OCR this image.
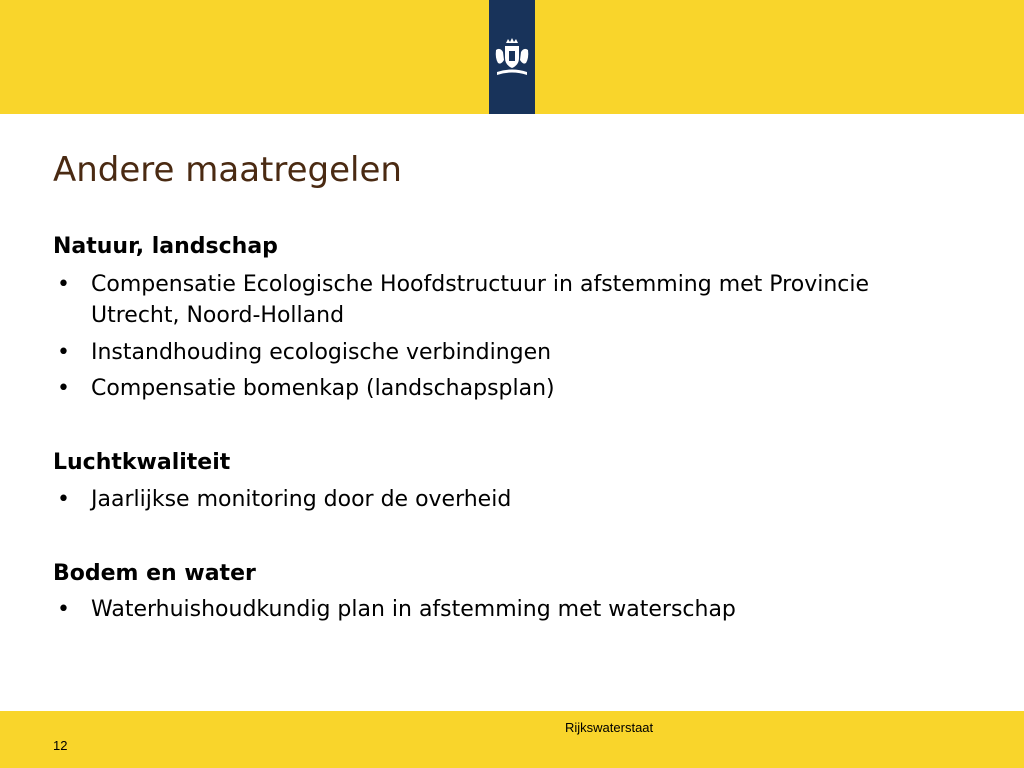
Andere maatregelen
Natuur, landschap
• Compensatie Ecologische Hoofdstructuur in afstemming met Provincie Utrecht, Noord-Holland
• Instandhouding ecologische verbindingen
• Compensatie bomenkap (landschapsplan)
Luchtkwaliteit
• Jaarlijkse monitoring door de overheid
Bodem en water
• Waterhuishoudkundig plan in afstemming met waterschap
Rijkswaterstaat
12
